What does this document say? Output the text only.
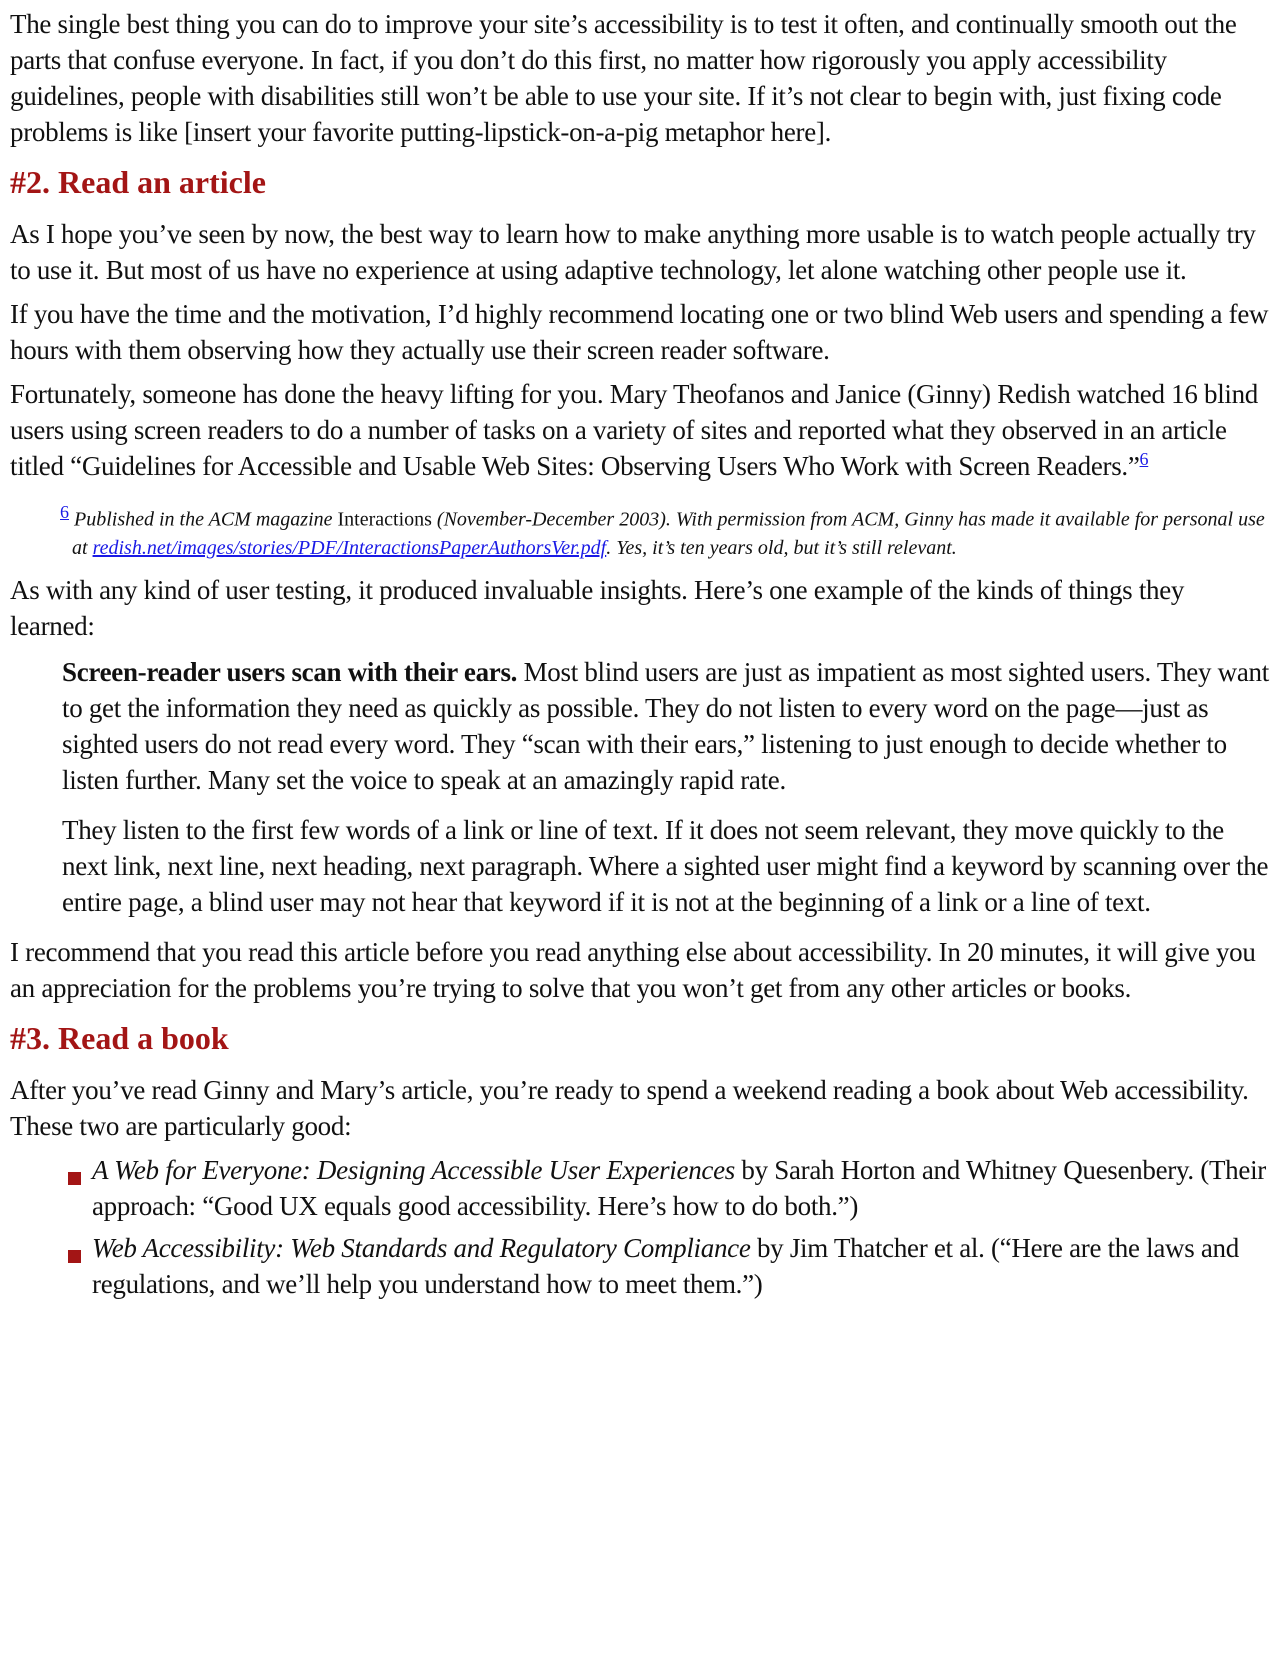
The single best thing you can do to improve your site’s accessibility is to test it often, and continually smooth out the parts that confuse everyone. In fact, if you don’t do this first, no matter how rigorously you apply accessibility guidelines, people with disabilities still won’t be able to use your site. If it’s not clear to begin with, just fixing code problems is like [insert your favorite putting-lipstick-on-a-pig metaphor here].

#2. Read an article

As I hope you’ve seen by now, the best way to learn how to make anything more usable is to watch people actually try to use it. But most of us have no experience at using adaptive technology, let alone watching other people use it.

If you have the time and the motivation, I’d highly recommend locating one or two blind Web users and spending a few hours with them observing how they actually use their screen reader software.

Fortunately, someone has done the heavy lifting for you. Mary Theofanos and Janice (Ginny) Redish watched 16 blind users using screen readers to do a number of tasks on a variety of sites and reported what they observed in an article titled “Guidelines for Accessible and Usable Web Sites: Observing Users Who Work with Screen Readers.”$^6$

$^6$ Published in the ACM magazine Interactions (November-December 2003). With permission from ACM, Ginny has made it available for personal use at redish.net/images/stories/PDF/InteractionsPaperAuthorsVer.pdf. Yes, it’s ten years old, but it’s still relevant.

As with any kind of user testing, it produced invaluable insights. Here’s one example of the kinds of things they learned:

Screen-reader users scan with their ears. Most blind users are just as impatient as most sighted users. They want to get the information they need as quickly as possible. They do not listen to every word on the page—just as sighted users do not read every word. They “scan with their ears,” listening to just enough to decide whether to listen further. Many set the voice to speak at an amazingly rapid rate.

They listen to the first few words of a link or line of text. If it does not seem relevant, they move quickly to the next link, next line, next heading, next paragraph. Where a sighted user might find a keyword by scanning over the entire page, a blind user may not hear that keyword if it is not at the beginning of a link or a line of text.

I recommend that you read this article before you read anything else about accessibility. In 20 minutes, it will give you an appreciation for the problems you’re trying to solve that you won’t get from any other articles or books.

#3. Read a book

After you’ve read Ginny and Mary’s article, you’re ready to spend a weekend reading a book about Web accessibility. These two are particularly good:

A Web for Everyone: Designing Accessible User Experiences by Sarah Horton and Whitney Quesenbery. (Their approach: “Good UX equals good accessibility. Here’s how to do both.”)
Web Accessibility: Web Standards and Regulatory Compliance by Jim Thatcher et al. (“Here are the laws and regulations, and we’ll help you understand how to meet them.”)
